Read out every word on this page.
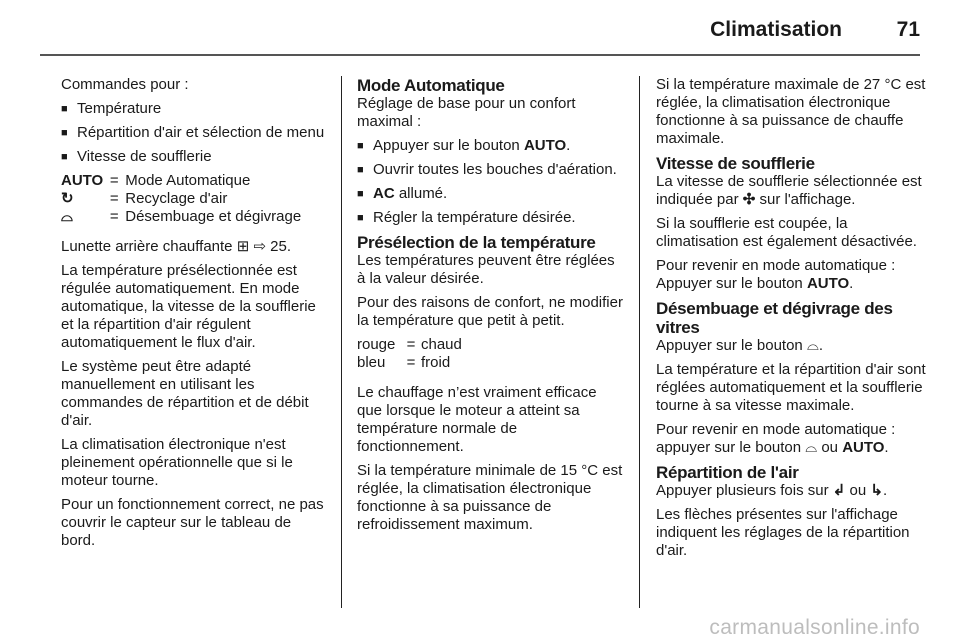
Climatisation	71

Commandes pour :

■ Température
■ Répartition d'air et sélection de menu
■ Vitesse de soufflerie
AUTO	=	Mode Automatique
↻	=	Recyclage d'air
⌓	=	Désembuage et dégivrage

Lunette arrière chauffante ⊞ ⇨ 25.

La température présélectionnée est régulée automatiquement. En mode automatique, la vitesse de la soufflerie et la répartition d'air régulent automatiquement le flux d'air.

Le système peut être adapté manuellement en utilisant les commandes de répartition et de débit d'air.

La climatisation électronique n'est pleinement opérationnelle que si le moteur tourne.

Pour un fonctionnement correct, ne pas couvrir le capteur sur le tableau de bord.

Mode Automatique

Réglage de base pour un confort maximal :

■ Appuyer sur le bouton AUTO.
■ Ouvrir toutes les bouches d'aération.
■ AC allumé.
■ Régler la température désirée.
Présélection de la température

Les températures peuvent être réglées à la valeur désirée.

Pour des raisons de confort, ne modifier la température que petit à petit.

rouge	=	chaud
bleu	=	froid

Le chauffage n’est vraiment efficace que lorsque le moteur a atteint sa température normale de fonctionnement.

Si la température minimale de 15 °C est réglée, la climatisation électronique fonctionne à sa puissance de refroidissement maximum.

Si la température maximale de 27 °C est réglée, la climatisation électronique fonctionne à sa puissance de chauffe maximale.

Vitesse de soufflerie

La vitesse de soufflerie sélectionnée est indiquée par ✣ sur l'affichage.

Si la soufflerie est coupée, la climatisation est également désactivée.

Pour revenir en mode automatique : Appuyer sur le bouton AUTO.

Désembuage et dégivrage des vitres

Appuyer sur le bouton ⌓.

La température et la répartition d'air sont réglées automatiquement et la soufflerie tourne à sa vitesse maximale.

Pour revenir en mode automatique : appuyer sur le bouton ⌓ ou AUTO.

Répartition de l'air

Appuyer plusieurs fois sur ↲ ou ↳.

Les flèches présentes sur l'affichage indiquent les réglages de la répartition d'air.

carmanualsonline.info
